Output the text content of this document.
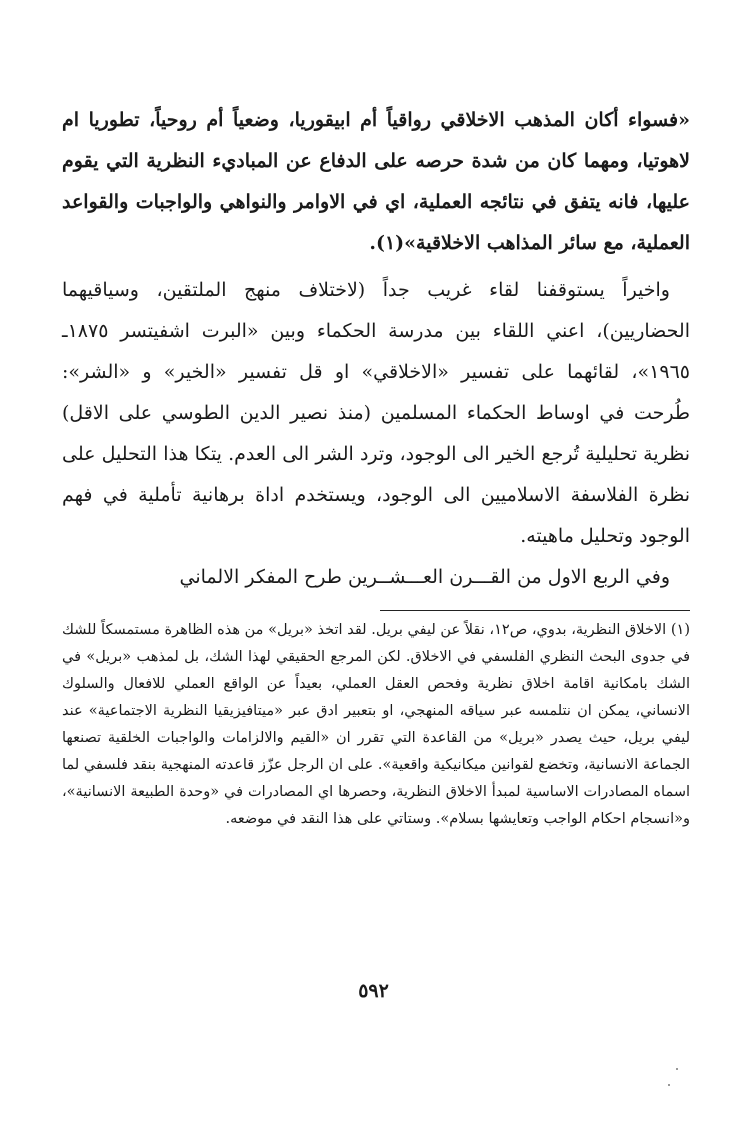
«فسواء أكان المذهب الاخلاقي رواقياً أم ابيقوريا، وضعياً أم روحياً، تطوريا ام لاهوتيا، ومهما كان من شدة حرصه على الدفاع عن المباديء النظرية التي يقوم عليها، فانه يتفق في نتائجه العملية، اي في الاوامر والنواهي والواجبات والقواعد العملية، مع سائر المذاهب الاخلاقية»(١).

واخيراً يستوقفنا لقاء غريب جداً (لاختلاف منهج الملتقين، وسياقيهما الحضاريين)، اعني اللقاء بين مدرسة الحكماء وبين «البرت اشفيتسر ١٨٧٥ـ ١٩٦٥»، لقائهما على تفسير «الاخلاقي» او قل تفسير «الخير» و «الشر»: طُرحت في اوساط الحكماء المسلمين (منذ نصير الدين الطوسي على الاقل) نظرية تحليلية تُرجع الخير الى الوجود، وترد الشر الى العدم. يتكا هذا التحليل على نظرة الفلاسفة الاسلاميين الى الوجود، ويستخدم اداة برهانية تأملية في فهم الوجود وتحليل ماهيته.

وفي الربع الاول من القـــرن العـــشــرين طرح المفكر الالماني

(١) الاخلاق النظرية، بدوي، ص١٢، نقلاً عن ليفي بريل. لقد اتخذ «بريل» من هذه الظاهرة مستمسكاً للشك في جدوى البحث النظري الفلسفي في الاخلاق. لكن المرجع الحقيقي لهذا الشك، بل لمذهب «بريل» في الشك بامكانية اقامة اخلاق نظرية وفحص العقل العملي، بعيداً عن الواقع العملي للافعال والسلوك الانساني، يمكن ان نتلمسه عبر سياقه المنهجي، او بتعبير ادق عبر «ميتافيزيقيا النظرية الاجتماعية» عند ليفي بريل، حيث يصدر «بريل» من القاعدة التي تقرر ان «القيم والالزامات والواجبات الخلقية تصنعها الجماعة الانسانية، وتخضع لقوانين ميكانيكية واقعية». على ان الرجل عزّز قاعدته المنهجية بنقد فلسفي لما اسماه المصادرات الاساسية لمبدأ الاخلاق النظرية، وحصرها اي المصادرات في «وحدة الطبيعة الانسانية»، و«انسجام احكام الواجب وتعايشها بسلام». وستاتي على هذا النقد في موضعه.

٥٩٢
